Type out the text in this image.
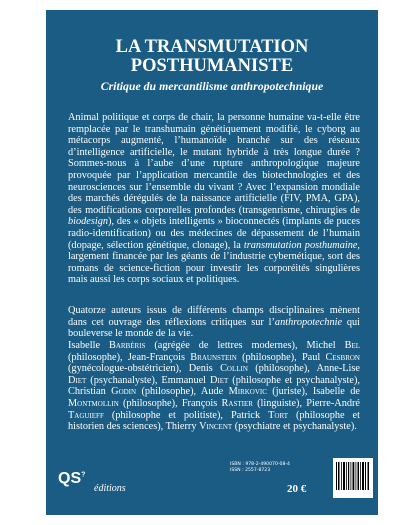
LA TRANSMUTATION
POSTHUMANISTE
Critique du mercantilisme anthropotechnique
Animal politique et corps de chair, la personne humaine va-t-elle être remplacée par le transhumain génétiquement modifié, le cyborg au métacorps augmenté, l’humanoïde branché sur des réseaux d’intelligence artificielle, le mutant hybride à très longue durée ? Sommes-nous à l’aube d’une rupture anthropologique majeure provoquée par l’application mercantile des biotechnologies et des neurosciences sur l’ensemble du vivant ? Avec l’expansion mondiale des marchés dérégulés de la naissance artificielle (FIV, PMA, GPA), des modifications corporelles profondes (transgenrisme, chirurgies de biodesign), des « objets intelligents » bioconnectés (implants de puces radio-identification) ou des médecines de dépassement de l’humain (dopage, sélection génétique, clonage), la transmutation posthumaine, largement financée par les géants de l’industrie cybernétique, sort des romans de science-fiction pour investir les corporéités singulières mais aussi les corps sociaux et politiques.
Quatorze auteurs issus de différents champs disciplinaires mènent dans cet ouvrage des réflexions critiques sur l’anthropotechnie qui bouleverse le monde de la vie.
Isabelle Barbéris (agrégée de lettres modernes), Michel Bel (philosophe), Jean-François Braunstein (philosophe), Paul Cesbron (gynécologue-obstétricien), Denis Collin (philosophe), Anne-Lise Diet (psychanalyste), Emmanuel Diet (philosophe et psychanalyste), Christian Godin (philosophe), Aude Mirkovic (juriste), Isabelle de Montmollin (philosophe), François Rastier (linguiste), Pierre-André Taguieff (philosophe et politiste), Patrick Tort (philosophe et historien des sciences), Thierry Vincent (psychiatre et psychanalyste).
QS?
éditions	20 €
ISBN : 978-2-490070-08-4
ISSN : 2557-8723
